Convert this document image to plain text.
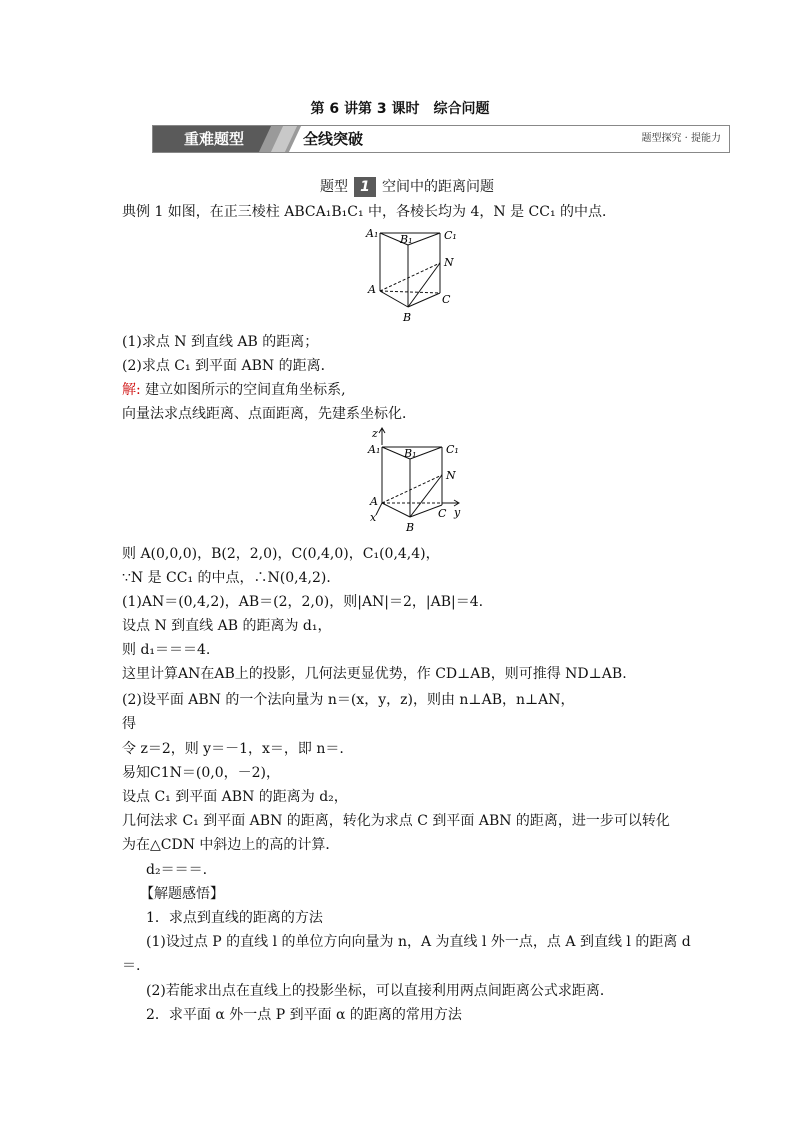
第 6 讲第 3 课时　综合问题
重难题型	全线突破	题型探究 · 提能力
题型 1 空间中的距离问题
典例 1 如图，在正三棱柱 ABCA₁B₁C₁ 中，各棱长均为 4，N 是 CC₁ 的中点．
A₁ B₁	C₁
N
A
C
B
(1)求点 N 到直线 AB 的距离；
(2)求点 C₁ 到平面 ABN 的距离．
解: 建立如图所示的空间直角坐标系,
向量法求点线距离、点面距离，先建系坐标化．
z
A₁ B₁	C₁
N
A
x	C y
B
则 A(0,0,0)，B(2，2,0)，C(0,4,0)，C₁(0,4,4)，
∵N 是 CC₁ 的中点，∴N(0,4,2)．
(1)AN＝(0,4,2)，AB＝(2，2,0)，则|AN|＝2，|AB|＝4.
设点 N 到直线 AB 的距离为 d₁，
则 d₁＝＝＝4.
这里计算AN在AB上的投影，几何法更显优势，作 CD⊥AB，则可推得 ND⊥AB.
(2)设平面 ABN 的一个法向量为 n＝(x，y，z)，则由 n⊥AB，n⊥AN，
得
令 z＝2，则 y＝－1，x＝，即 n＝.
易知C1N＝(0,0，－2)，
设点 C₁ 到平面 ABN 的距离为 d₂，
几何法求 C₁ 到平面 ABN 的距离，转化为求点 C 到平面 ABN 的距离，进一步可以转化
为在△CDN 中斜边上的高的计算．
d₂＝＝＝.
【解题感悟】
1．求点到直线的距离的方法
(1)设过点 P 的直线 l 的单位方向向量为 n，A 为直线 l 外一点，点 A 到直线 l 的距离 d
＝.
(2)若能求出点在直线上的投影坐标，可以直接利用两点间距离公式求距离．
2．求平面 α 外一点 P 到平面 α 的距离的常用方法
